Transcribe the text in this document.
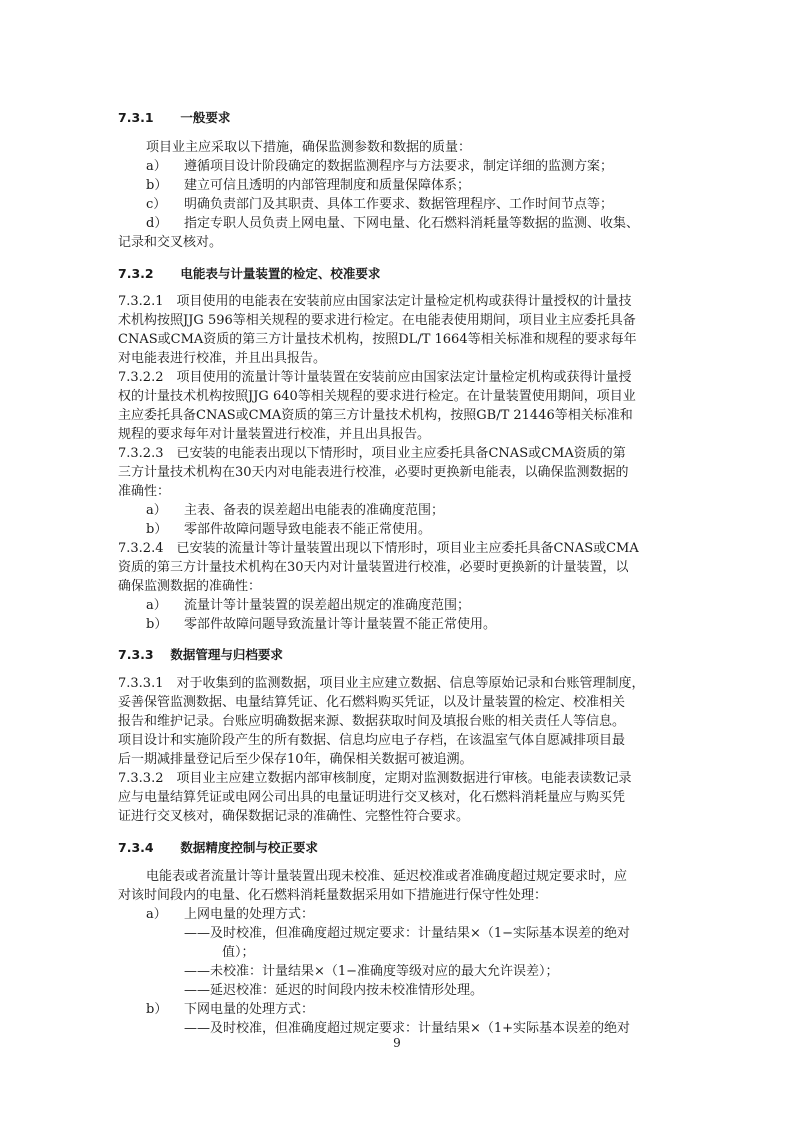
7.3.1 一般要求
项目业主应采取以下措施，确保监测参数和数据的质量：
a） 遵循项目设计阶段确定的数据监测程序与方法要求，制定详细的监测方案；
b） 建立可信且透明的内部管理制度和质量保障体系；
c） 明确负责部门及其职责、具体工作要求、数据管理程序、工作时间节点等；
d） 指定专职人员负责上网电量、下网电量、化石燃料消耗量等数据的监测、收集、
记录和交叉核对。
7.3.2 电能表与计量装置的检定、校准要求
7.3.2.1　项目使用的电能表在安装前应由国家法定计量检定机构或获得计量授权的计量技
术机构按照JJG 596等相关规程的要求进行检定。在电能表使用期间，项目业主应委托具备
CNAS或CMA资质的第三方计量技术机构，按照DL/T 1664等相关标准和规程的要求每年
对电能表进行校准，并且出具报告。
7.3.2.2　项目使用的流量计等计量装置在安装前应由国家法定计量检定机构或获得计量授
权的计量技术机构按照JJG 640等相关规程的要求进行检定。在计量装置使用期间，项目业
主应委托具备CNAS或CMA资质的第三方计量技术机构，按照GB/T 21446等相关标准和
规程的要求每年对计量装置进行校准，并且出具报告。
7.3.2.3　已安装的电能表出现以下情形时，项目业主应委托具备CNAS或CMA资质的第
三方计量技术机构在30天内对电能表进行校准，必要时更换新电能表，以确保监测数据的
准确性：
a） 主表、备表的误差超出电能表的准确度范围；
b） 零部件故障问题导致电能表不能正常使用。
7.3.2.4　已安装的流量计等计量装置出现以下情形时，项目业主应委托具备CNAS或CMA
资质的第三方计量技术机构在30天内对计量装置进行校准，必要时更换新的计量装置，以
确保监测数据的准确性：
a） 流量计等计量装置的误差超出规定的准确度范围；
b） 零部件故障问题导致流量计等计量装置不能正常使用。
7.3.3 数据管理与归档要求
7.3.3.1　对于收集到的监测数据，项目业主应建立数据、信息等原始记录和台账管理制度，
妥善保管监测数据、电量结算凭证、化石燃料购买凭证，以及计量装置的检定、校准相关
报告和维护记录。台账应明确数据来源、数据获取时间及填报台账的相关责任人等信息。
项目设计和实施阶段产生的所有数据、信息均应电子存档，在该温室气体自愿减排项目最
后一期减排量登记后至少保存10年，确保相关数据可被追溯。
7.3.3.2　项目业主应建立数据内部审核制度，定期对监测数据进行审核。电能表读数记录
应与电量结算凭证或电网公司出具的电量证明进行交叉核对，化石燃料消耗量应与购买凭
证进行交叉核对，确保数据记录的准确性、完整性符合要求。
7.3.4 数据精度控制与校正要求
电能表或者流量计等计量装置出现未校准、延迟校准或者准确度超过规定要求时，应
对该时间段内的电量、化石燃料消耗量数据采用如下措施进行保守性处理：
a） 上网电量的处理方式：
——及时校准，但准确度超过规定要求：计量结果×（1−实际基本误差的绝对
值）；
——未校准：计量结果×（1−准确度等级对应的最大允许误差）；
——延迟校准：延迟的时间段内按未校准情形处理。
b） 下网电量的处理方式：
——及时校准，但准确度超过规定要求：计量结果×（1+实际基本误差的绝对
9
